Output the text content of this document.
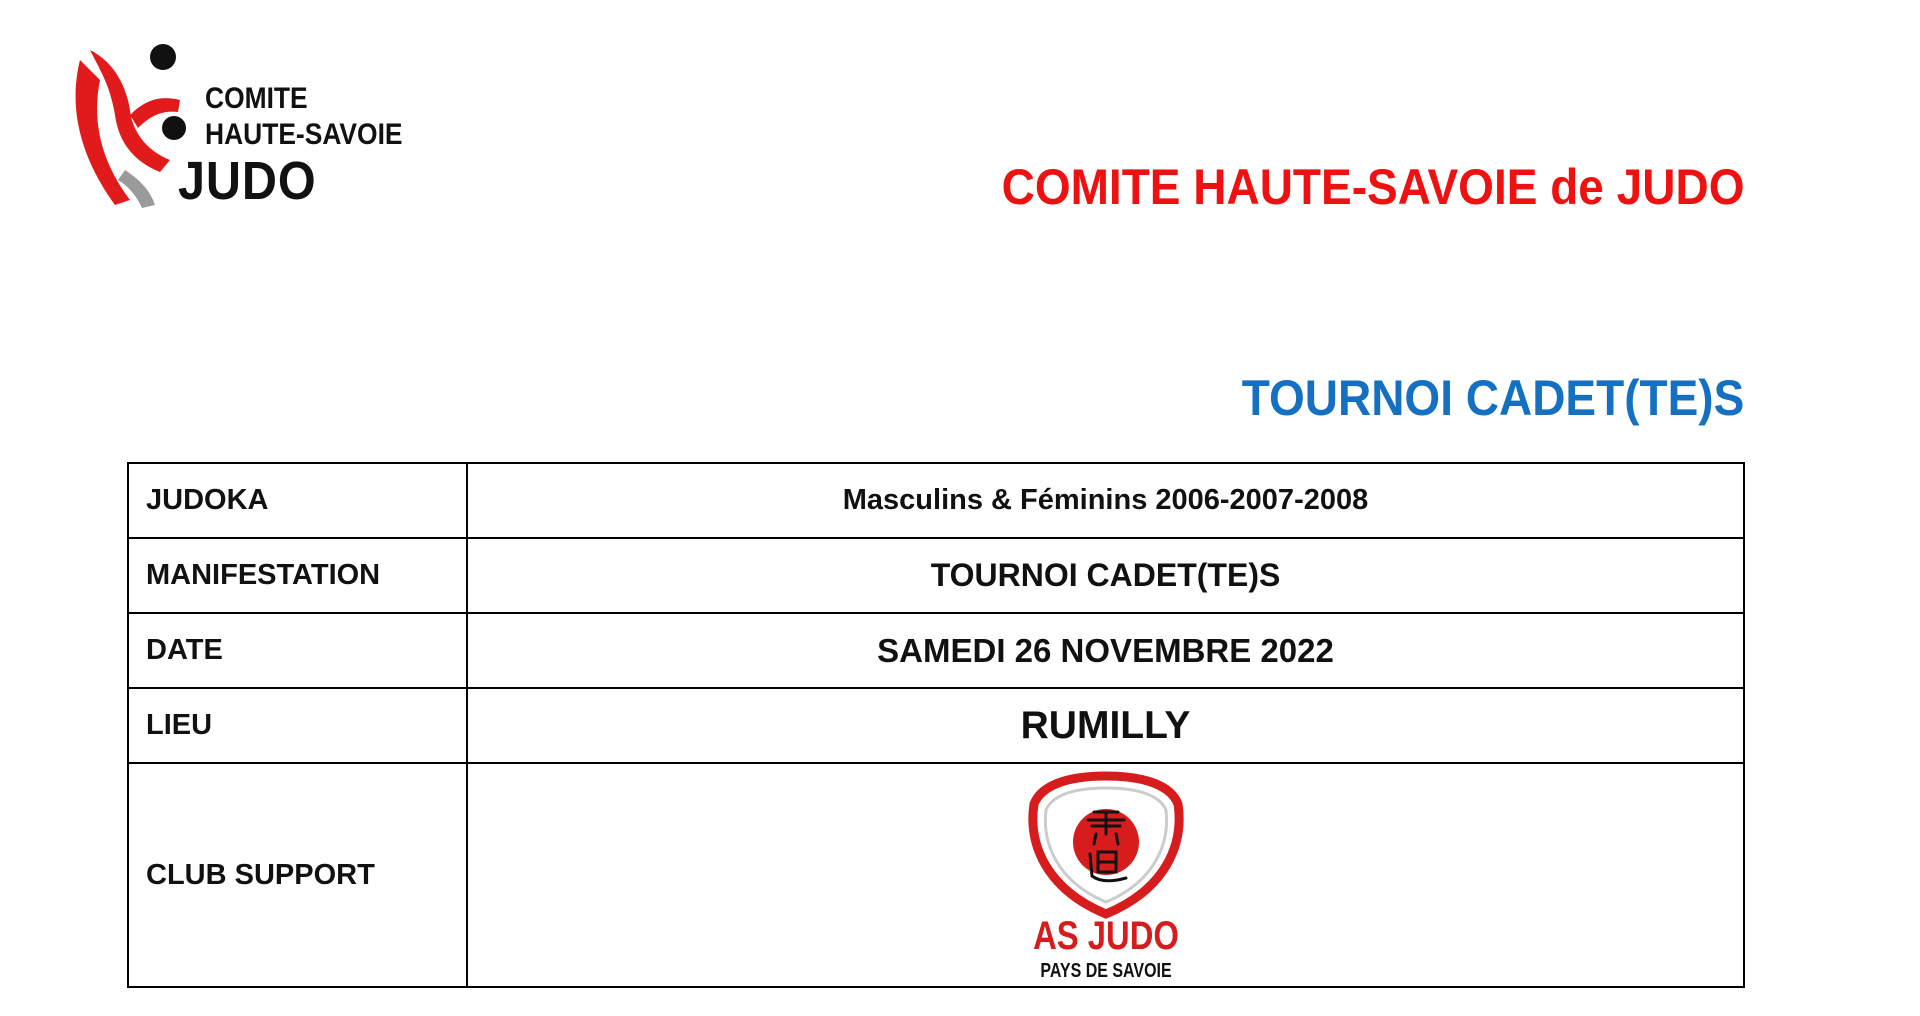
COMITE
HAUTE-SAVOIE
JUDO	COMITE HAUTE-SAVOIE de JUDO
TOURNOI CADET(TE)S
JUDOKA	Masculins & Féminins 2006-2007-2008
MANIFESTATION	TOURNOI CADET(TE)S
DATE	SAMEDI 26 NOVEMBRE 2022
LIEU	RUMILLY
CLUB SUPPORT	AS JUDO
PAYS DE SAVOIE
